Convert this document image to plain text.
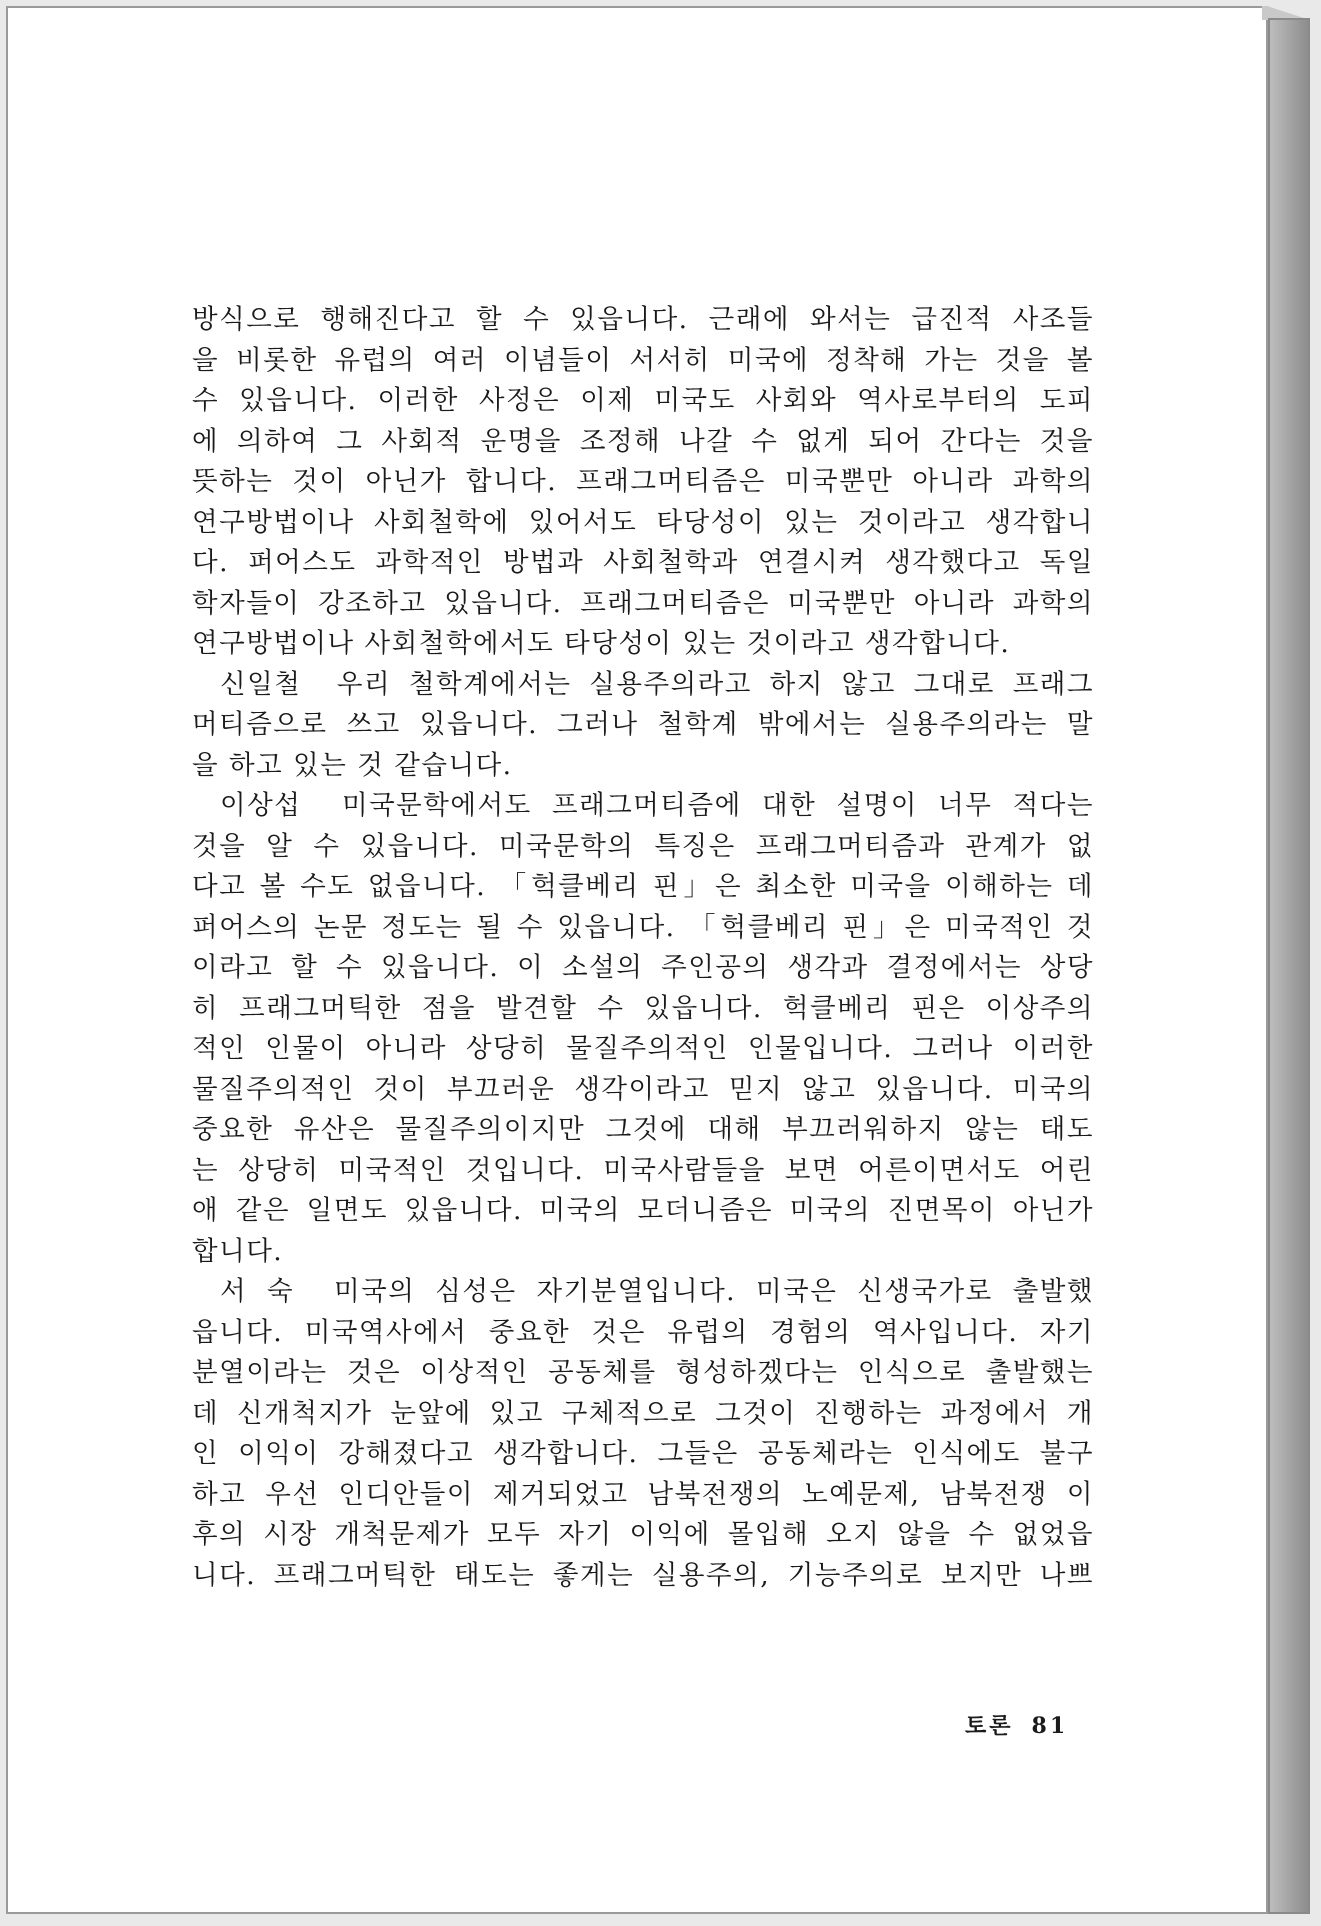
방식으로 행해진다고 할 수 있읍니다. 근래에 와서는 급진적 사조들
을 비롯한 유럽의 여러 이념들이 서서히 미국에 정착해 가는 것을 볼
수 있읍니다. 이러한 사정은 이제 미국도 사회와 역사로부터의 도피
에 의하여 그 사회적 운명을 조정해 나갈 수 없게 되어 간다는 것을
뜻하는 것이 아닌가 합니다. 프래그머티즘은 미국뿐만 아니라 과학의
연구방법이나 사회철학에 있어서도 타당성이 있는 것이라고 생각합니
다. 퍼어스도 과학적인 방법과 사회철학과 연결시켜 생각했다고 독일
학자들이 강조하고 있읍니다. 프래그머티즘은 미국뿐만 아니라 과학의
연구방법이나 사회철학에서도 타당성이 있는 것이라고 생각합니다.
신일철 우리 철학계에서는 실용주의라고 하지 않고 그대로 프래그
머티즘으로 쓰고 있읍니다. 그러나 철학계 밖에서는 실용주의라는 말
을 하고 있는 것 같습니다.
이상섭 미국문학에서도 프래그머티즘에 대한 설명이 너무 적다는
것을 알 수 있읍니다. 미국문학의 특징은 프래그머티즘과 관계가 없
다고 볼 수도 없읍니다. 「헉클베리 핀」은 최소한 미국을 이해하는 데
퍼어스의 논문 정도는 될 수 있읍니다. 「헉클베리 핀」은 미국적인 것
이라고 할 수 있읍니다. 이 소설의 주인공의 생각과 결정에서는 상당
히 프래그머틱한 점을 발견할 수 있읍니다. 헉클베리 핀은 이상주의
적인 인물이 아니라 상당히 물질주의적인 인물입니다. 그러나 이러한
물질주의적인 것이 부끄러운 생각이라고 믿지 않고 있읍니다. 미국의
중요한 유산은 물질주의이지만 그것에 대해 부끄러워하지 않는 태도
는 상당히 미국적인 것입니다. 미국사람들을 보면 어른이면서도 어린
애 같은 일면도 있읍니다. 미국의 모더니즘은 미국의 진면목이 아닌가
합니다.
서 숙 미국의 심성은 자기분열입니다. 미국은 신생국가로 출발했
읍니다. 미국역사에서 중요한 것은 유럽의 경험의 역사입니다. 자기
분열이라는 것은 이상적인 공동체를 형성하겠다는 인식으로 출발했는
데 신개척지가 눈앞에 있고 구체적으로 그것이 진행하는 과정에서 개
인 이익이 강해졌다고 생각합니다. 그들은 공동체라는 인식에도 불구
하고 우선 인디안들이 제거되었고 남북전쟁의 노예문제, 남북전쟁 이
후의 시장 개척문제가 모두 자기 이익에 몰입해 오지 않을 수 없었읍
니다. 프래그머틱한 태도는 좋게는 실용주의, 기능주의로 보지만 나쁘
토론 81
